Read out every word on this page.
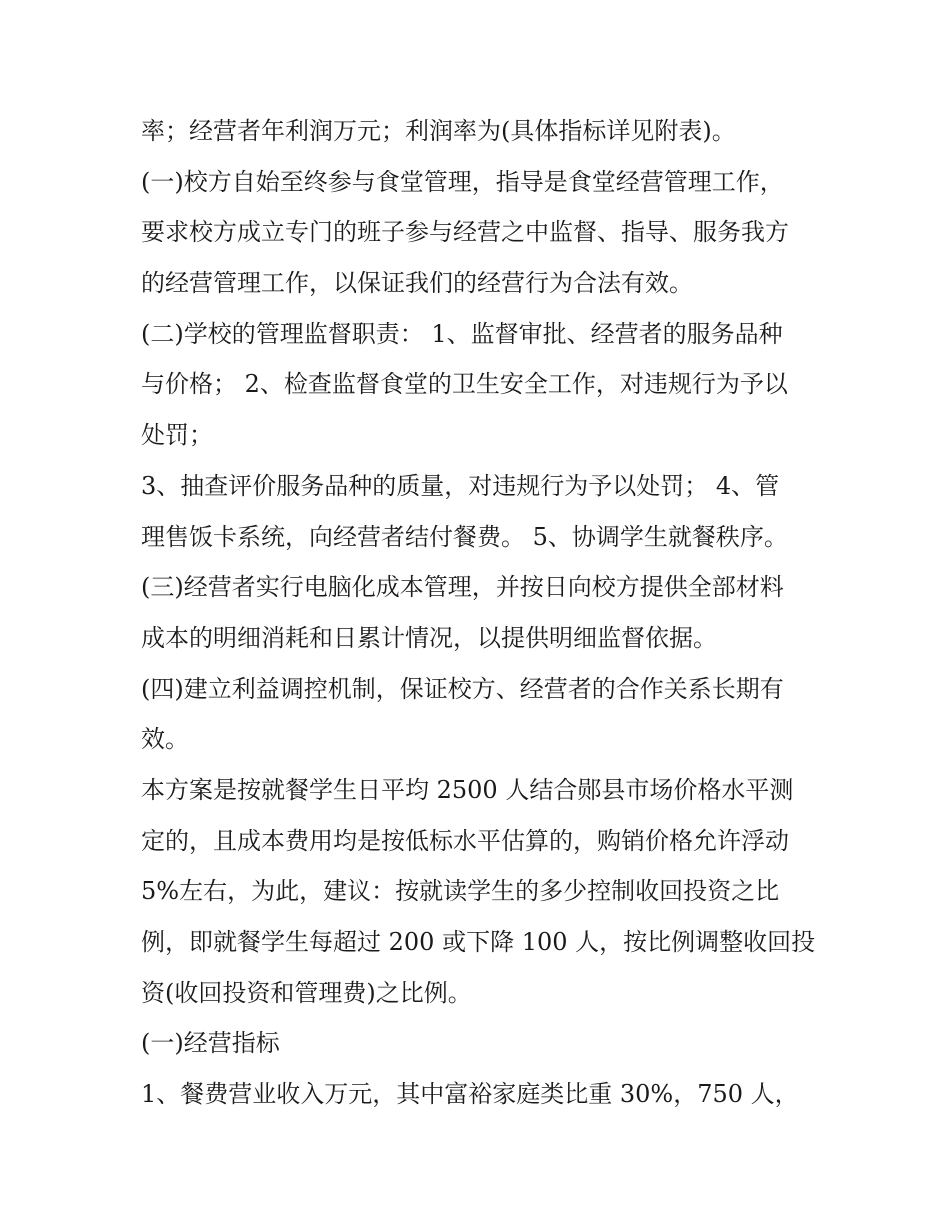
率；经营者年利润万元；利润率为(具体指标详见附表)。
(一)校方自始至终参与食堂管理，指导是食堂经营管理工作，
要求校方成立专门的班子参与经营之中监督、指导、服务我方
的经营管理工作，以保证我们的经营行为合法有效。
(二)学校的管理监督职责： 1、监督审批、经营者的服务品种
与价格； 2、检查监督食堂的卫生安全工作，对违规行为予以
处罚；
3、抽查评价服务品种的质量，对违规行为予以处罚； 4、管
理售饭卡系统，向经营者结付餐费。 5、协调学生就餐秩序。
(三)经营者实行电脑化成本管理，并按日向校方提供全部材料
成本的明细消耗和日累计情况，以提供明细监督依据。
(四)建立利益调控机制，保证校方、经营者的合作关系长期有
效。
本方案是按就餐学生日平均 2500 人结合郧县市场价格水平测
定的，且成本费用均是按低标水平估算的，购销价格允许浮动
5%左右，为此，建议：按就读学生的多少控制收回投资之比
例，即就餐学生每超过 200 或下降 100 人，按比例调整收回投
资(收回投资和管理费)之比例。
(一)经营指标
1、餐费营业收入万元，其中富裕家庭类比重 30%，750 人，
